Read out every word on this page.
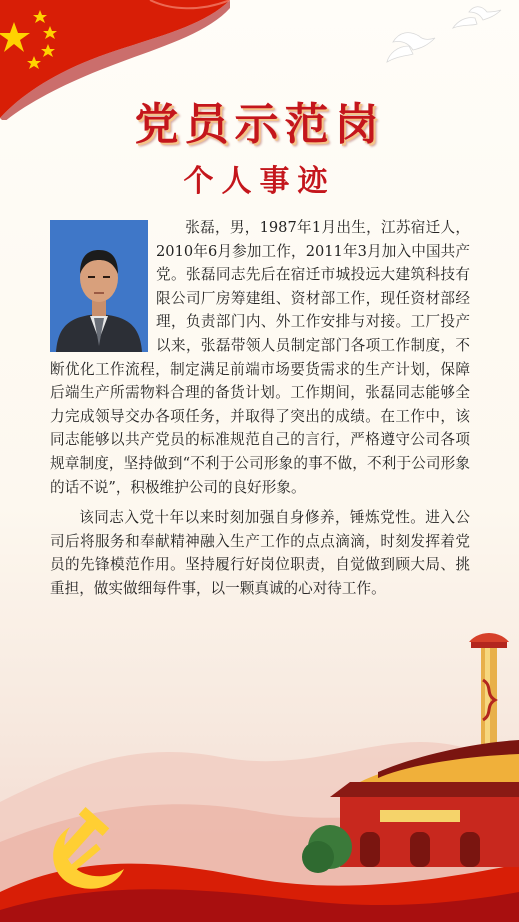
党员示范岗
个人事迹

张磊，男，1987年1月出生，江苏宿迁人，2010年6月参加工作，2011年3月加入中国共产党。张磊同志先后在宿迁市城投远大建筑科技有限公司厂房筹建组、资材部工作，现任资材部经理，负责部门内、外工作安排与对接。工厂投产以来，张磊带领人员制定部门各项工作制度，不断优化工作流程，制定满足前端市场要货需求的生产计划，保障后端生产所需物料合理的备货计划。工作期间，张磊同志能够全力完成领导交办各项任务，并取得了突出的成绩。在工作中，该同志能够以共产党员的标准规范自己的言行，严格遵守公司各项规章制度，坚持做到“不利于公司形象的事不做，不利于公司形象的话不说”，积极维护公司的良好形象。

该同志入党十年以来时刻加强自身修养，锤炼党性。进入公司后将服务和奉献精神融入生产工作的点点滴滴，时刻发挥着党员的先锋模范作用。坚持履行好岗位职责，自觉做到顾大局、挑重担，做实做细每件事，以一颗真诚的心对待工作。
